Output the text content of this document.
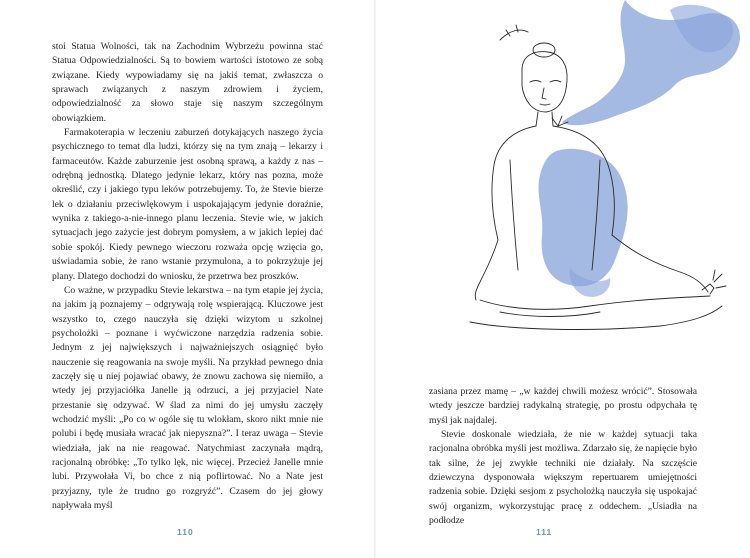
stoi Statua Wolności, tak na Zachodnim Wybrzeżu powinna stać Statua Odpowiedzialności. Są to bowiem wartości istotowo ze sobą związane. Kiedy wypowiadamy się na jakiś temat, zwłaszcza o sprawach związanych z naszym zdrowiem i życiem, odpowiedzialność za słowo staje się naszym szczególnym obowiązkiem.

Farmakoterapia w leczeniu zaburzeń dotykających naszego życia psychicznego to temat dla ludzi, którzy się na tym znają – lekarzy i farmaceutów. Każde zaburzenie jest osobną sprawą, a każdy z nas – odrębną jednostką. Dlatego jedynie lekarz, który nas pozna, może określić, czy i jakiego typu leków potrzebujemy. To, że Stevie bierze lek o działaniu przeciwlękowym i uspokajającym jedynie doraźnie, wynika z takiego-a-nie-innego planu leczenia. Stevie wie, w jakich sytuacjach jego zażycie jest dobrym pomysłem, a w jakich lepiej dać sobie spokój. Kiedy pewnego wieczoru rozważa opcję wzięcia go, uświadamia sobie, że rano wstanie przymulona, a to pokrzyżuje jej plany. Dlatego dochodzi do wniosku, że przetrwa bez proszków.

Co ważne, w przypadku Stevie lekarstwa – na tym etapie jej życia, na jakim ją poznajemy – odgrywają rolę wspierającą. Kluczowe jest wszystko to, czego nauczyła się dzięki wizytom u szkolnej psycholożki – poznane i wyćwiczone narzędzia radzenia sobie. Jednym z jej największych i najważniejszych osiągnięć było nauczenie się reagowania na swoje myśli. Na przykład pewnego dnia zaczęły się u niej pojawiać obawy, że znowu zachowa się niemiło, a wtedy jej przyjaciółka Janelle ją odrzuci, a jej przyjaciel Nate przestanie się odzywać. W ślad za nimi do jej umysłu zaczęły wchodzić myśli: „Po co w ogóle się tu wlokłam, skoro nikt mnie nie polubi i będę musiała wracać jak niepyszna?”. I teraz uwaga – Stevie wiedziała, jak na nie reagować. Natychmiast zaczynała mądrą, racjonalną obróbkę: „To tylko lęk, nic więcej. Przecież Janelle mnie lubi. Przywołała Vi, bo chce z nią poflirtować. No a Nate jest przyjazny, tyle że trudno go rozgryźć”. Czasem do jej głowy napływała myśl

110

zasiana przez mamę – „w każdej chwili możesz wrócić”. Stosowała wtedy jeszcze bardziej radykalną strategię, po prostu odpychała tę myśl jak najdalej.

Stevie doskonale wiedziała, że nie w każdej sytuacji taka racjonalna obróbka myśli jest możliwa. Zdarzało się, że napięcie było tak silne, że jej zwykłe techniki nie działały. Na szczęście dziewczyna dysponowała większym repertuarem umiejętności radzenia sobie. Dzięki sesjom z psycholożką nauczyła się uspokajać swój organizm, wykorzystując pracę z oddechem. „Usiadła na podłodze

111
